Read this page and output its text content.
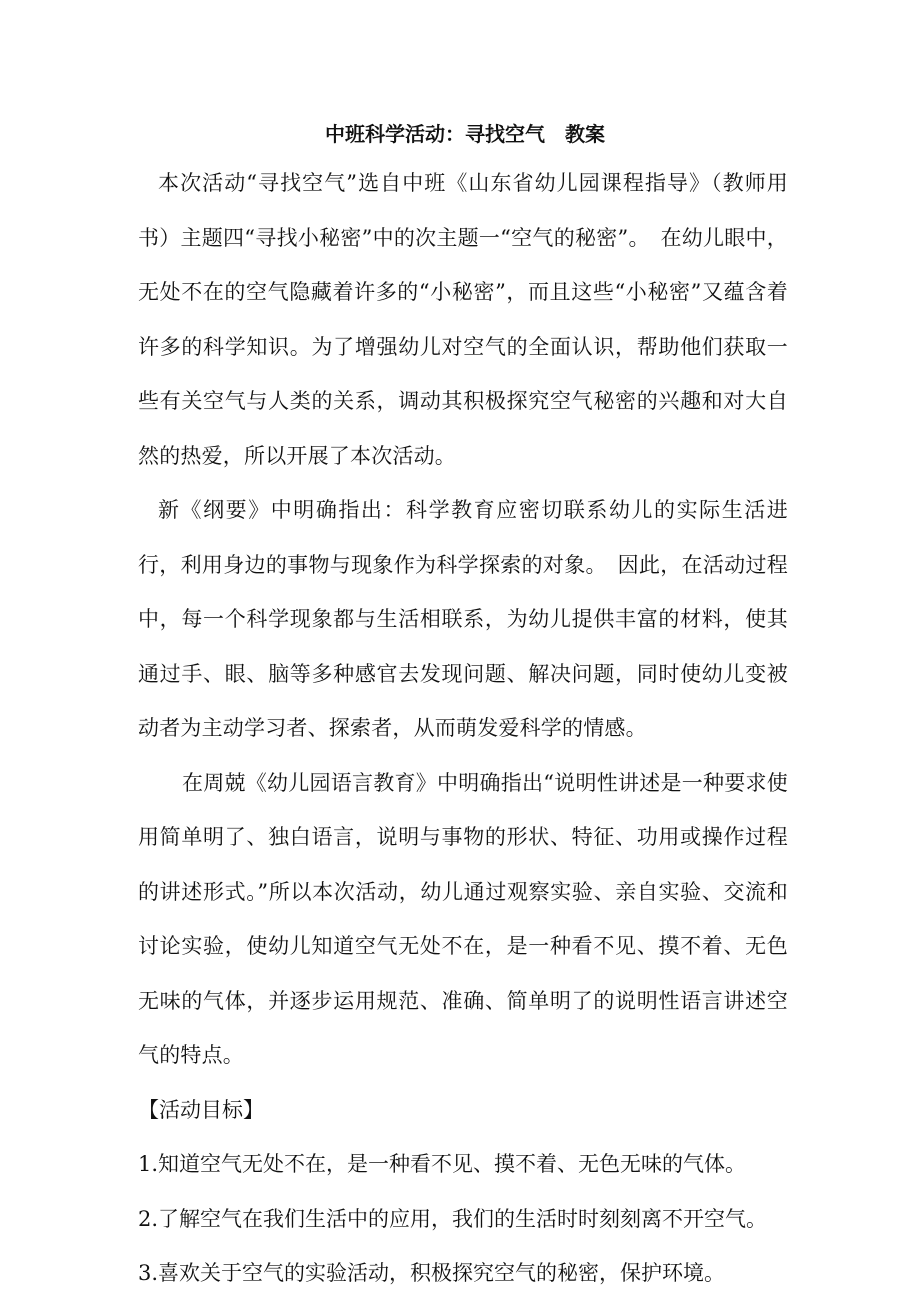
中班科学活动：寻找空气　教案

本次活动“寻找空气”选自中班《山东省幼儿园课程指导》（教师用书）主题四“寻找小秘密”中的次主题一“空气的秘密”。　在幼儿眼中，无处不在的空气隐藏着许多的“小秘密”，而且这些“小秘密”又蕴含着许多的科学知识。为了增强幼儿对空气的全面认识，帮助他们获取一些有关空气与人类的关系，调动其积极探究空气秘密的兴趣和对大自然的热爱，所以开展了本次活动。

新《纲要》中明确指出：科学教育应密切联系幼儿的实际生活进行，利用身边的事物与现象作为科学探索的对象。　因此，在活动过程中，每一个科学现象都与生活相联系，为幼儿提供丰富的材料，使其通过手、眼、脑等多种感官去发现问题、解决问题，同时使幼儿变被动者为主动学习者、探索者，从而萌发爱科学的情感。

在周兢《幼儿园语言教育》中明确指出“说明性讲述是一种要求使用简单明了、独白语言，说明与事物的形状、特征、功用或操作过程的讲述形式。”所以本次活动，幼儿通过观察实验、亲自实验、交流和讨论实验，使幼儿知道空气无处不在，是一种看不见、摸不着、无色无味的气体，并逐步运用规范、准确、简单明了的说明性语言讲述空气的特点。

【活动目标】
1.知道空气无处不在，是一种看不见、摸不着、无色无味的气体。
2.了解空气在我们生活中的应用，我们的生活时时刻刻离不开空气。
3.喜欢关于空气的实验活动，积极探究空气的秘密，保护环境。
